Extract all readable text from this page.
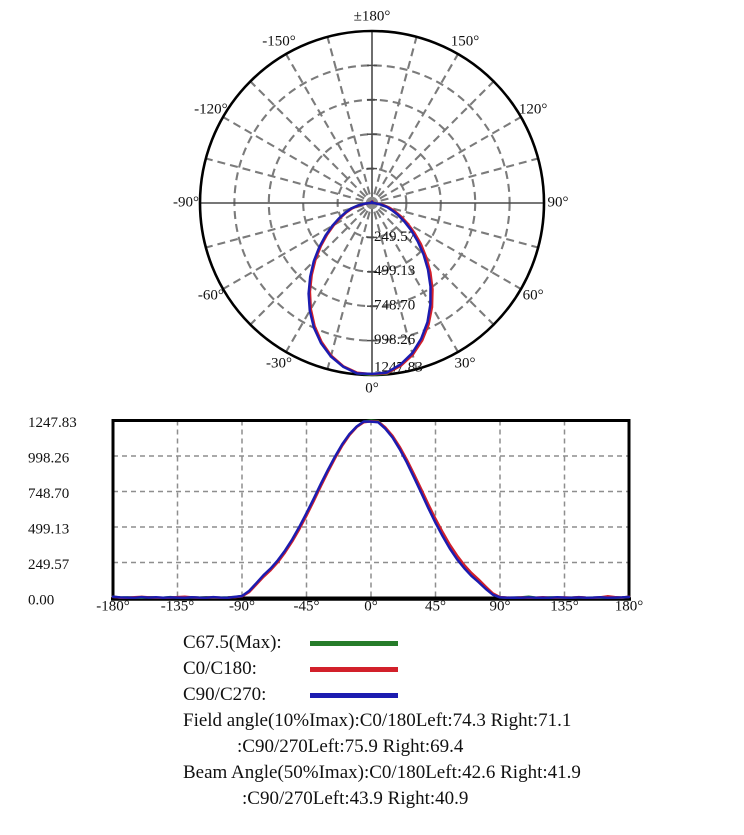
±180°
-150°	150°
-120°	120°
-90°	90°
-60°	60°
-30°	30°
0°
249.57
499.13
748.70
998.26
1247.83
1247.83
998.26
748.70
499.13
249.57
0.00	-180° -135° -90°	-45°	0°	45°	90°	135° 180°
C67.5(Max):
C0/C180:
C90/C270:
Field angle(10%Imax):C0/180Left:74.3 Right:71.1
:C90/270Left:75.9 Right:69.4
Beam Angle(50%Imax):C0/180Left:42.6 Right:41.9
:C90/270Left:43.9 Right:40.9
